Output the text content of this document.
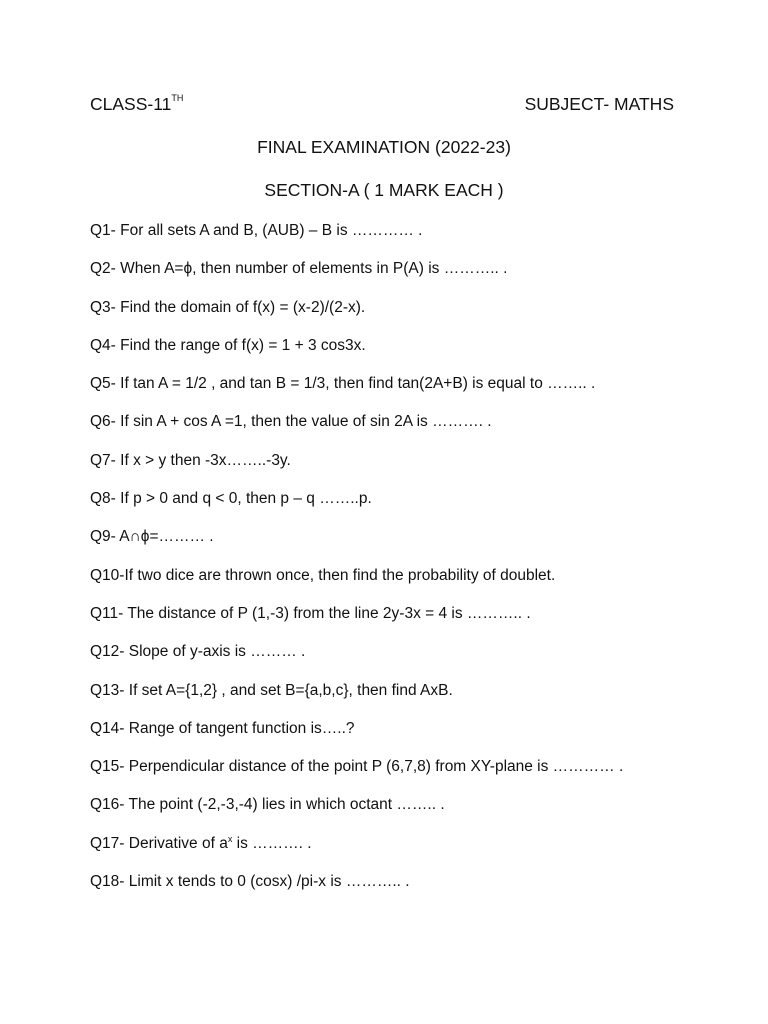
CLASS-11TH	SUBJECT- MATHS
FINAL EXAMINATION (2022-23)
SECTION-A ( 1 MARK EACH )
Q1- For all sets A and B, (AUB) – B is ………… .
Q2- When A=ϕ, then number of elements in P(A) is ……….. .
Q3- Find the domain of f(x) = (x-2)/(2-x).
Q4- Find the range of f(x) = 1 + 3 cos3x.
Q5- If tan A = 1/2 , and tan B = 1/3, then find tan(2A+B) is equal to …….. .
Q6- If sin A + cos A =1, then the value of sin 2A is ………. .
Q7- If x > y then -3x……..-3y.
Q8- If p > 0 and q < 0, then p – q ……..p.
Q9- A∩ϕ=……… .
Q10-If two dice are thrown once, then find the probability of doublet.
Q11- The distance of P (1,-3) from the line 2y-3x = 4 is ……….. .
Q12- Slope of y-axis is ……… .
Q13- If set A={1,2} , and set B={a,b,c}, then find AxB.
Q14- Range of tangent function is…..?
Q15- Perpendicular distance of the point P (6,7,8) from XY-plane is ………… .
Q16- The point (-2,-3,-4) lies in which octant …….. .
Q17- Derivative of $a^x$ is ………. .
Q18- Limit x tends to 0 (cosx) /pi-x is ……….. .
